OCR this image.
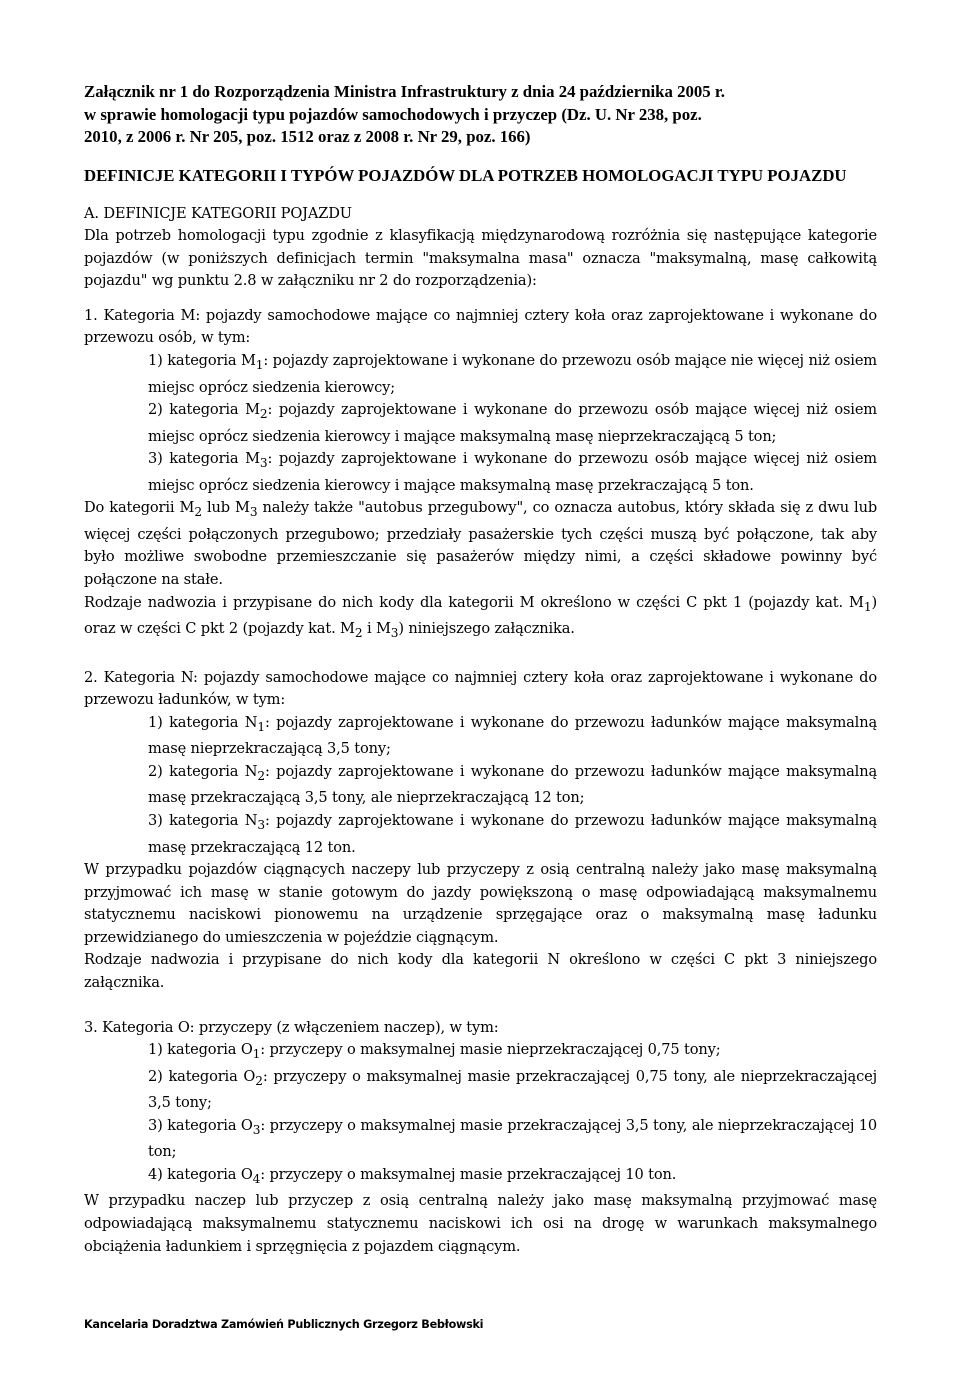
Załącznik nr 1 do Rozporządzenia Ministra Infrastruktury z dnia 24 października 2005 r.
w sprawie homologacji typu pojazdów samochodowych i przyczep (Dz. U. Nr 238, poz.
2010, z 2006 r. Nr 205, poz. 1512 oraz z 2008 r. Nr 29, poz. 166)
DEFINICJE KATEGORII I TYPÓW POJAZDÓW DLA POTRZEB HOMOLOGACJI TYPU POJAZDU

A. DEFINICJE KATEGORII POJAZDU

Dla potrzeb homologacji typu zgodnie z klasyfikacją międzynarodową rozróżnia się następujące kategorie pojazdów (w poniższych definicjach termin "maksymalna masa" oznacza "maksymalną, masę całkowitą pojazdu" wg punktu 2.8 w załączniku nr 2 do rozporządzenia):

1. Kategoria M: pojazdy samochodowe mające co najmniej cztery koła oraz zaprojektowane i wykonane do przewozu osób, w tym:

1) kategoria $M_1$: pojazdy zaprojektowane i wykonane do przewozu osób mające nie więcej niż osiem miejsc oprócz siedzenia kierowcy;

2) kategoria $M_2$: pojazdy zaprojektowane i wykonane do przewozu osób mające więcej niż osiem miejsc oprócz siedzenia kierowcy i mające maksymalną masę nieprzekraczającą 5 ton;

3) kategoria $M_3$: pojazdy zaprojektowane i wykonane do przewozu osób mające więcej niż osiem miejsc oprócz siedzenia kierowcy i mające maksymalną masę przekraczającą 5 ton.

Do kategorii $M_2$ lub $M_3$ należy także "autobus przegubowy", co oznacza autobus, który składa się z dwu lub więcej części połączonych przegubowo; przedziały pasażerskie tych części muszą być połączone, tak aby było możliwe swobodne przemieszczanie się pasażerów między nimi, a części składowe powinny być połączone na stałe.

Rodzaje nadwozia i przypisane do nich kody dla kategorii M określono w części C pkt 1 (pojazdy kat. $M_1$) oraz w części C pkt 2 (pojazdy kat. $M_2$ i $M_3$) niniejszego załącznika.

2. Kategoria N: pojazdy samochodowe mające co najmniej cztery koła oraz zaprojektowane i wykonane do przewozu ładunków, w tym:

1) kategoria $N_1$: pojazdy zaprojektowane i wykonane do przewozu ładunków mające maksymalną masę nieprzekraczającą 3,5 tony;

2) kategoria $N_2$: pojazdy zaprojektowane i wykonane do przewozu ładunków mające maksymalną masę przekraczającą 3,5 tony, ale nieprzekraczającą 12 ton;

3) kategoria $N_3$: pojazdy zaprojektowane i wykonane do przewozu ładunków mające maksymalną masę przekraczającą 12 ton.

W przypadku pojazdów ciągnących naczepy lub przyczepy z osią centralną należy jako masę maksymalną przyjmować ich masę w stanie gotowym do jazdy powiększoną o masę odpowiadającą maksymalnemu statycznemu naciskowi pionowemu na urządzenie sprzęgające oraz o maksymalną masę ładunku przewidzianego do umieszczenia w pojeździe ciągnącym.

Rodzaje nadwozia i przypisane do nich kody dla kategorii N określono w części C pkt 3 niniejszego załącznika.

3. Kategoria O: przyczepy (z włączeniem naczep), w tym:

1) kategoria $O_1$: przyczepy o maksymalnej masie nieprzekraczającej 0,75 tony;

2) kategoria $O_2$: przyczepy o maksymalnej masie przekraczającej 0,75 tony, ale nieprzekraczającej 3,5 tony;

3) kategoria $O_3$: przyczepy o maksymalnej masie przekraczającej 3,5 tony, ale nieprzekraczającej 10 ton;

4) kategoria $O_4$: przyczepy o maksymalnej masie przekraczającej 10 ton.

W przypadku naczep lub przyczep z osią centralną należy jako masę maksymalną przyjmować masę odpowiadającą maksymalnemu statycznemu naciskowi ich osi na drogę w warunkach maksymalnego obciążenia ładunkiem i sprzęgnięcia z pojazdem ciągnącym.

Kancelaria Doradztwa Zamówień Publicznych Grzegorz Bebłowski
